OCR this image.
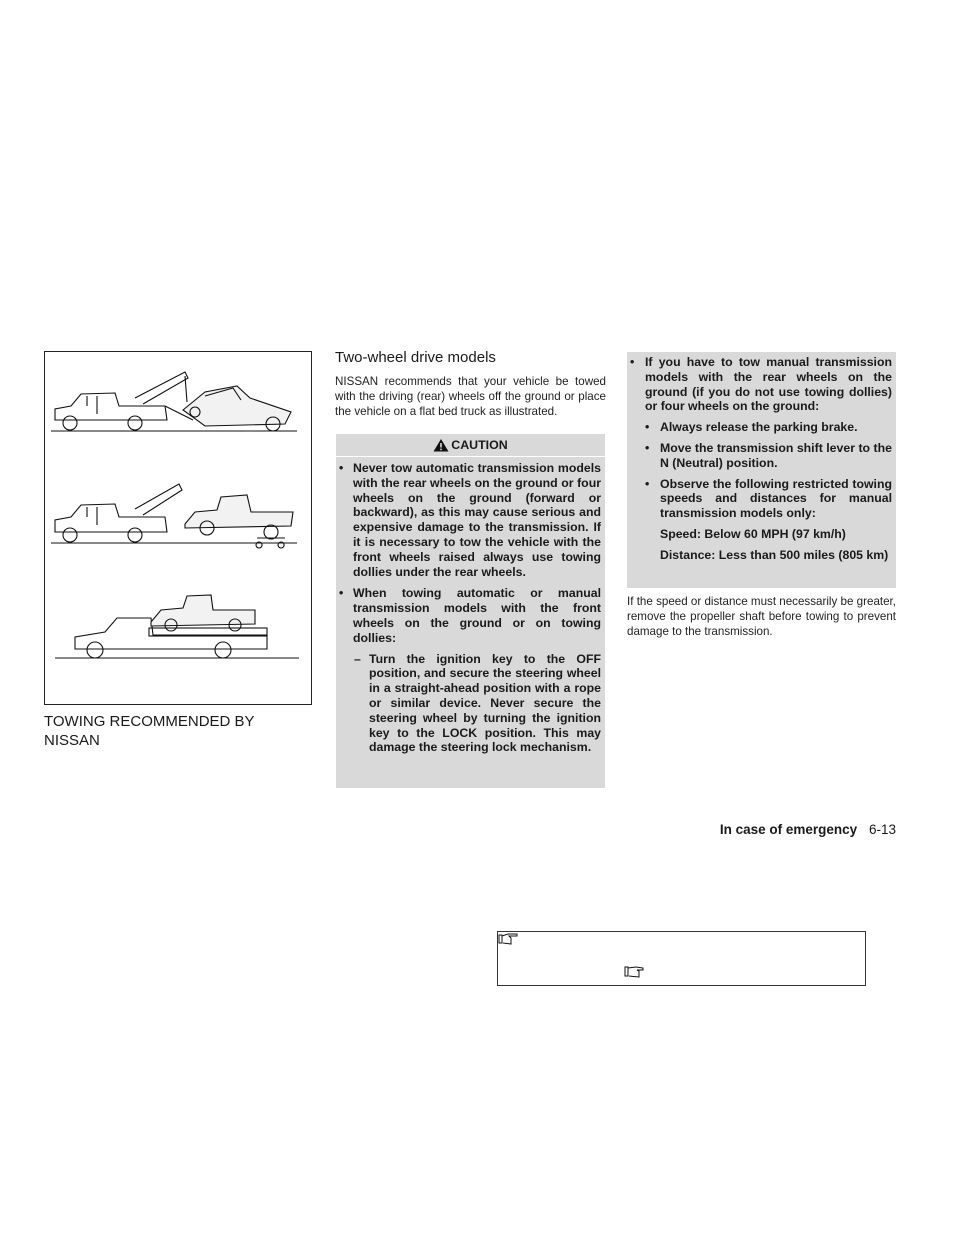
TOWING RECOMMENDED BY NISSAN
Two-wheel drive models

NISSAN recommends that your vehicle be towed with the driving (rear) wheels off the ground or place the vehicle on a flat bed truck as illustrated.

CAUTION
• Never tow automatic transmission models with the rear wheels on the ground or four wheels on the ground (forward or backward), as this may cause serious and expensive damage to the transmission. If it is necessary to tow the vehicle with the front wheels raised always use towing dollies under the rear wheels.
• When towing automatic or manual transmission models with the front wheels on the ground or on towing dollies:
– Turn the ignition key to the OFF position, and secure the steering wheel in a straight-ahead position with a rope or similar device. Never secure the steering wheel by turning the ignition key to the LOCK position. This may damage the steering lock mechanism.
• If you have to tow manual transmission models with the rear wheels on the ground (if you do not use towing dollies) or four wheels on the ground:
• Always release the parking brake.
• Move the transmission shift lever to the N (Neutral) position.
• Observe the following restricted towing speeds and distances for manual transmission models only:
Speed: Below 60 MPH (97 km/h)
Distance: Less than 500 miles (805 km)

If the speed or distance must necessarily be greater, remove the propeller shaft before towing to prevent damage to the transmission.

In case of emergency 6-13
